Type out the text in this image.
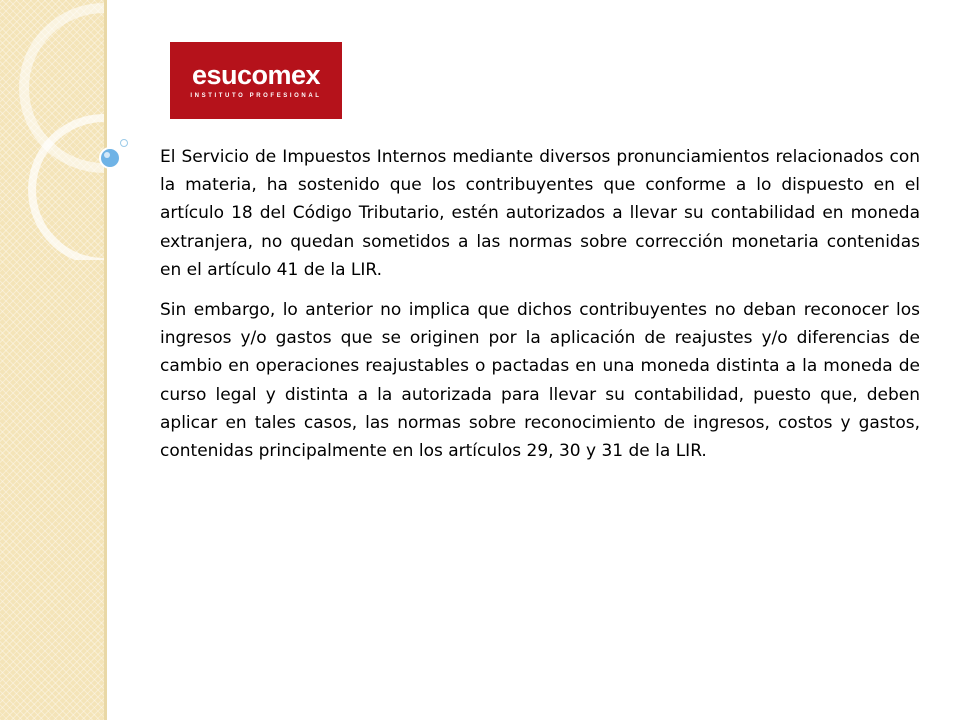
esucomex
INSTITUTO PROFESIONAL

El Servicio de Impuestos Internos mediante diversos pronunciamientos relacionados con la materia, ha sostenido que los contribuyentes que conforme a lo dispuesto en el artículo 18 del Código Tributario, estén autorizados a llevar su contabilidad en moneda extranjera, no quedan sometidos a las normas sobre corrección monetaria contenidas en el artículo 41 de la LIR.

Sin embargo, lo anterior no implica que dichos contribuyentes no deban reconocer los ingresos y/o gastos que se originen por la aplicación de reajustes y/o diferencias de cambio en operaciones reajustables o pactadas en una moneda distinta a la moneda de curso legal y distinta a la autorizada para llevar su contabilidad, puesto que, deben aplicar en tales casos, las normas sobre reconocimiento de ingresos, costos y gastos, contenidas principalmente en los artículos 29, 30 y 31 de la LIR.
